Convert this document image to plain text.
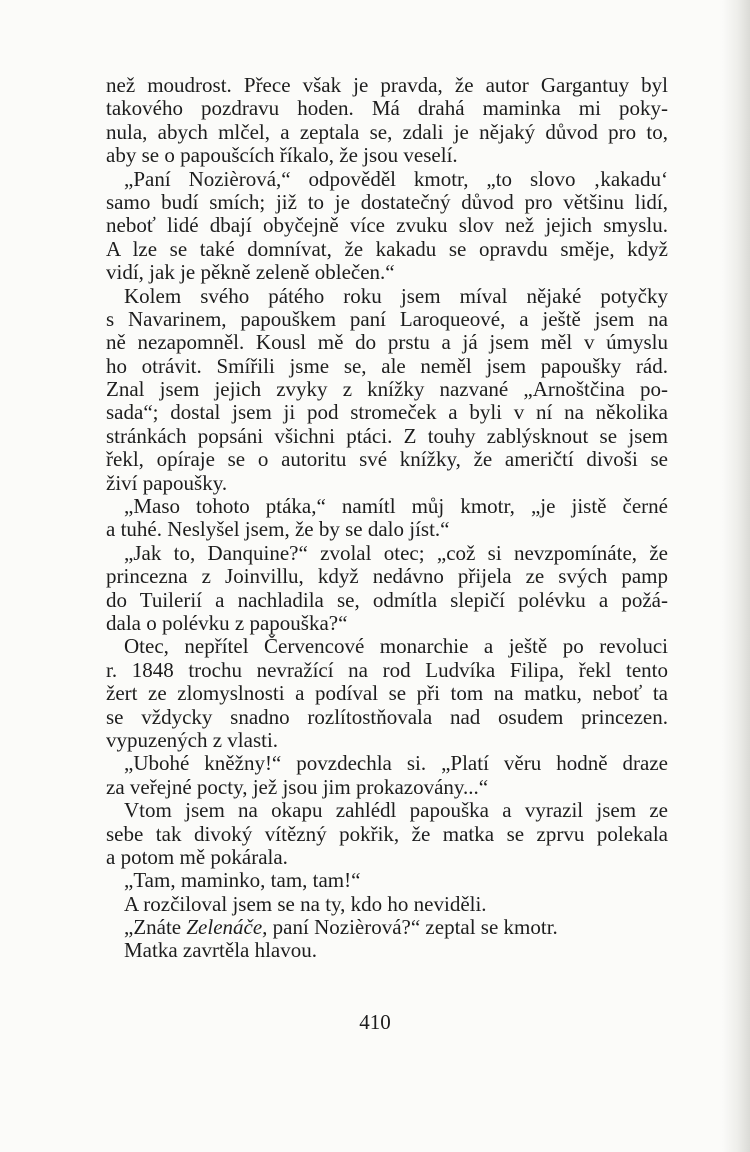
než moudrost. Přece však je pravda, že autor Gargantuy byl
takového pozdravu hoden. Má drahá maminka mi poky-
nula, abych mlčel, a zeptala se, zdali je nějaký důvod pro to,
aby se o papoušcích říkalo, že jsou veselí.
„Paní Nozièrová,“ odpověděl kmotr, „to slovo ‚kakadu‘
samo budí smích; již to je dostatečný důvod pro většinu lidí,
neboť lidé dbají obyčejně více zvuku slov než jejich smyslu.
A lze se také domnívat, že kakadu se opravdu směje, když
vidí, jak je pěkně zeleně oblečen.“
Kolem svého pátého roku jsem míval nějaké potyčky
s Navarinem, papouškem paní Laroqueové, a ještě jsem na
ně nezapomněl. Kousl mě do prstu a já jsem měl v úmyslu
ho otrávit. Smířili jsme se, ale neměl jsem papoušky rád.
Znal jsem jejich zvyky z knížky nazvané „Arnoštčina po-
sada“; dostal jsem ji pod stromeček a byli v ní na několika
stránkách popsáni všichni ptáci. Z touhy zablýsknout se jsem
řekl, opíraje se o autoritu své knížky, že američtí divoši se
živí papoušky.
„Maso tohoto ptáka,“ namítl můj kmotr, „je jistě černé
a tuhé. Neslyšel jsem, že by se dalo jíst.“
„Jak to, Danquine?“ zvolal otec; „což si nevzpomínáte, že
princezna z Joinvillu, když nedávno přijela ze svých pamp
do Tuilerií a nachladila se, odmítla slepičí polévku a požá-
dala o polévku z papouška?“
Otec, nepřítel Červencové monarchie a ještě po revoluci
r. 1848 trochu nevražící na rod Ludvíka Filipa, řekl tento
žert ze zlomyslnosti a podíval se při tom na matku, neboť ta
se vždycky snadno rozlítostňovala nad osudem princezen.
vypuzených z vlasti.
„Ubohé kněžny!“ povzdechla si. „Platí věru hodně draze
za veřejné pocty, jež jsou jim prokazovány...“
Vtom jsem na okapu zahlédl papouška a vyrazil jsem ze
sebe tak divoký vítězný pokřik, že matka se zprvu polekala
a potom mě pokárala.
„Tam, maminko, tam, tam!“
A rozčiloval jsem se na ty, kdo ho neviděli.
„Znáte Zelenáče, paní Nozièrová?“ zeptal se kmotr.
Matka zavrtěla hlavou.
410
